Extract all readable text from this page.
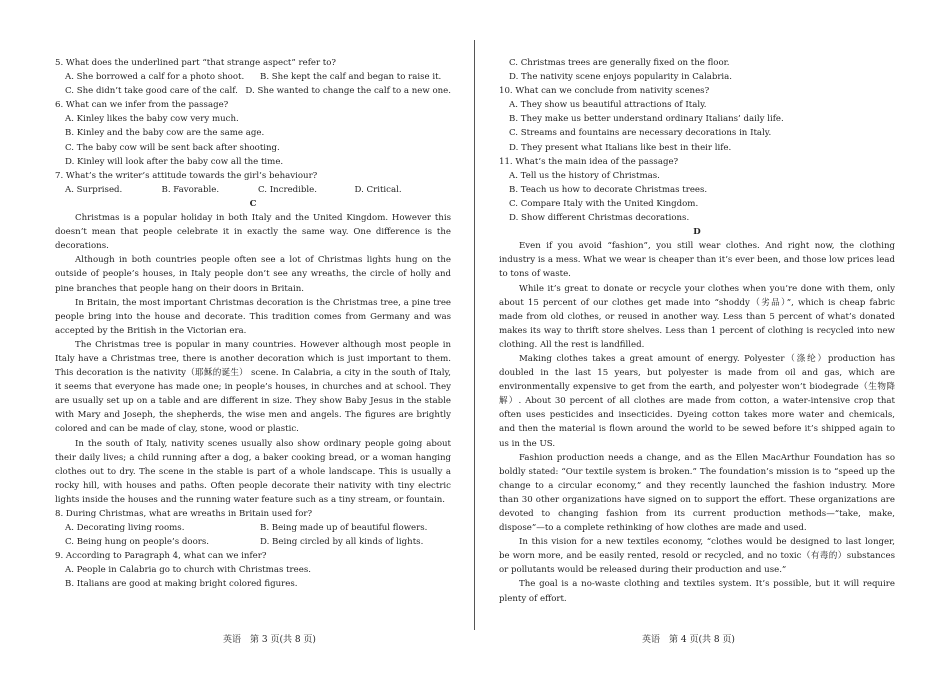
5. What does the underlined part “that strange aspect” refer to?

A. She borrowed a calf for a photo shoot.	B. She kept the calf and began to raise it.
C. She didn’t take good care of the calf. D. She wanted to change the calf to a new one.

6. What can we infer from the passage?

A. Kinley likes the baby cow very much.

B. Kinley and the baby cow are the same age.

C. The baby cow will be sent back after shooting.

D. Kinley will look after the baby cow all the time.

7. What’s the writer’s attitude towards the girl’s behaviour?

A. Surprised.	B. Favorable.	C. Incredible.	D. Critical.

C

Christmas is a popular holiday in both Italy and the United Kingdom. However this doesn’t mean that people celebrate it in exactly the same way. One difference is the decorations.

Although in both countries people often see a lot of Christmas lights hung on the outside of people’s houses, in Italy people don’t see any wreaths, the circle of holly and pine branches that people hang on their doors in Britain.

In Britain, the most important Christmas decoration is the Christmas tree, a pine tree people bring into the house and decorate. This tradition comes from Germany and was accepted by the British in the Victorian era.

The Christmas tree is popular in many countries. However although most people in Italy have a Christmas tree, there is another decoration which is just important to them. This decoration is the nativity（耶稣的诞生） scene. In Calabria, a city in the south of Italy, it seems that everyone has made one; in people’s houses, in churches and at school. They are usually set up on a table and are different in size. They show Baby Jesus in the stable with Mary and Joseph, the shepherds, the wise men and angels. The figures are brightly colored and can be made of clay, stone, wood or plastic.

In the south of Italy, nativity scenes usually also show ordinary people going about their daily lives; a child running after a dog, a baker cooking bread, or a woman hanging clothes out to dry. The scene in the stable is part of a whole landscape. This is usually a rocky hill, with houses and paths. Often people decorate their nativity with tiny electric lights inside the houses and the running water feature such as a tiny stream, or fountain.

8. During Christmas, what are wreaths in Britain used for?

A. Decorating living rooms.	B. Being made up of beautiful flowers.
C. Being hung on people’s doors.	D. Being circled by all kinds of lights.

9. According to Paragraph 4, what can we infer?

A. People in Calabria go to church with Christmas trees.

B. Italians are good at making bright colored figures.

C. Christmas trees are generally fixed on the floor.

D. The nativity scene enjoys popularity in Calabria.

10. What can we conclude from nativity scenes?

A. They show us beautiful attractions of Italy.

B. They make us better understand ordinary Italians’ daily life.

C. Streams and fountains are necessary decorations in Italy.

D. They present what Italians like best in their life.

11. What’s the main idea of the passage?

A. Tell us the history of Christmas.

B. Teach us how to decorate Christmas trees.

C. Compare Italy with the United Kingdom.

D. Show different Christmas decorations.

D

Even if you avoid “fashion”, you still wear clothes. And right now, the clothing industry is a mess. What we wear is cheaper than it’s ever been, and those low prices lead to tons of waste.

While it’s great to donate or recycle your clothes when you’re done with them, only about 15 percent of our clothes get made into “shoddy（劣品）”, which is cheap fabric made from old clothes, or reused in another way. Less than 5 percent of what’s donated makes its way to thrift store shelves. Less than 1 percent of clothing is recycled into new clothing. All the rest is landfilled.

Making clothes takes a great amount of energy. Polyester（涤纶）production has doubled in the last 15 years, but polyester is made from oil and gas, which are environmentally expensive to get from the earth, and polyester won’t biodegrade（生物降解）. About 30 percent of all clothes are made from cotton, a water-intensive crop that often uses pesticides and insecticides. Dyeing cotton takes more water and chemicals, and then the material is flown around the world to be sewed before it’s shipped again to us in the US.

Fashion production needs a change, and as the Ellen MacArthur Foundation has so boldly stated: “Our textile system is broken.” The foundation’s mission is to “speed up the change to a circular economy,” and they recently launched the fashion industry. More than 30 other organizations have signed on to support the effort. These organizations are devoted to changing fashion from its current production methods—“take, make, dispose”—to a complete rethinking of how clothes are made and used.

In this vision for a new textiles economy, “clothes would be designed to last longer, be worn more, and be easily rented, resold or recycled, and no toxic（有毒的）substances or pollutants would be released during their production and use.”

The goal is a no-waste clothing and textiles system. It’s possible, but it will require plenty of effort.

英语　第 3 页(共 8 页)	英语　第 4 页(共 8 页)
